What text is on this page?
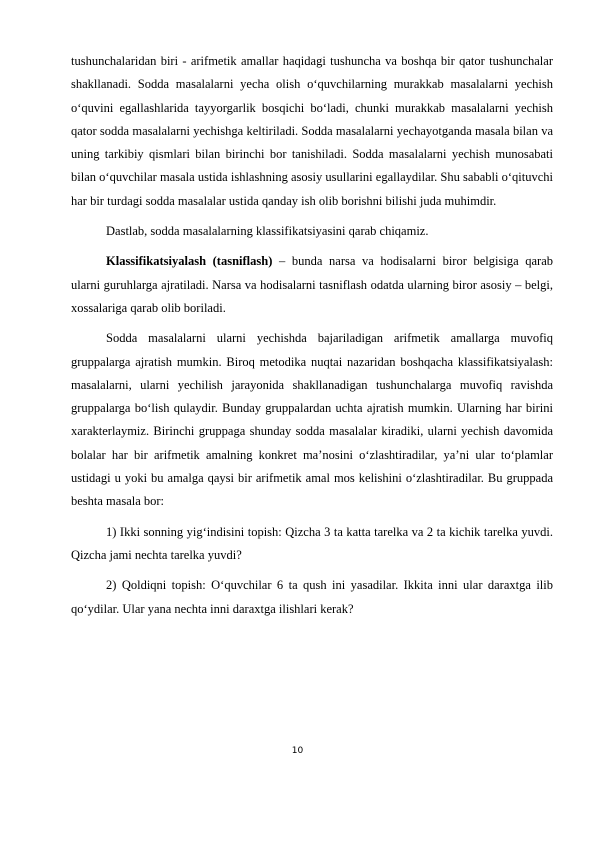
tushunchalaridan biri - arifmetik amallar haqidagi tushuncha va boshqa bir qator tushunchalar shakllanadi. Sodda masalalarni yecha olish o‘quvchilarning murakkab masalalarni yechish o‘quvini egallashlarida tayyorgarlik bosqichi bo‘ladi, chunki murakkab masalalarni yechish qator sodda masalalarni yechishga keltiriladi. Sodda masalalarni yechayotganda masala bilan va uning tarkibiy qismlari bilan birinchi bor tanishiladi. Sodda masalalarni yechish munosabati bilan o‘quvchilar masala ustida ishlashning asosiy usullarini egallaydilar. Shu sababli o‘qituvchi har bir turdagi sodda masalalar ustida qanday ish olib borishni bilishi juda muhimdir.

Dastlab, sodda masalalarning klassifikatsiyasini qarab chiqamiz.

Klassifikatsiyalash (tasniflash) – bunda narsa va hodisalarni biror belgisiga qarab ularni guruhlarga ajratiladi. Narsa va hodisalarni tasniflash odatda ularning biror asosiy – belgi, xossalariga qarab olib boriladi.

Sodda masalalarni ularni yechishda bajariladigan arifmetik amallarga muvofiq gruppalarga ajratish mumkin. Biroq metodika nuqtai nazaridan boshqacha klassifikatsiyalash: masalalarni, ularni yechilish jarayonida shakllanadigan tushunchalarga muvofiq ravishda gruppalarga bo‘lish qulaydir. Bunday gruppalardan uchta ajratish mumkin. Ularning har birini xarakterlaymiz. Birinchi gruppaga shunday sodda masalalar kiradiki, ularni yechish davomida bolalar har bir arifmetik amalning konkret ma’nosini o‘zlashtiradilar, ya’ni ular to‘plamlar ustidagi u yoki bu amalga qaysi bir arifmetik amal mos kelishini o‘zlashtiradilar. Bu gruppada beshta masala bor:

1) Ikki sonning yig‘indisini topish: Qizcha 3 ta katta tarelka va 2 ta kichik tarelka yuvdi. Qizcha jami nechta tarelka yuvdi?

2) Qoldiqni topish: O‘quvchilar 6 ta qush ini yasadilar. Ikkita inni ular daraxtga ilib qo‘ydilar. Ular yana nechta inni daraxtga ilishlari kerak?

10
